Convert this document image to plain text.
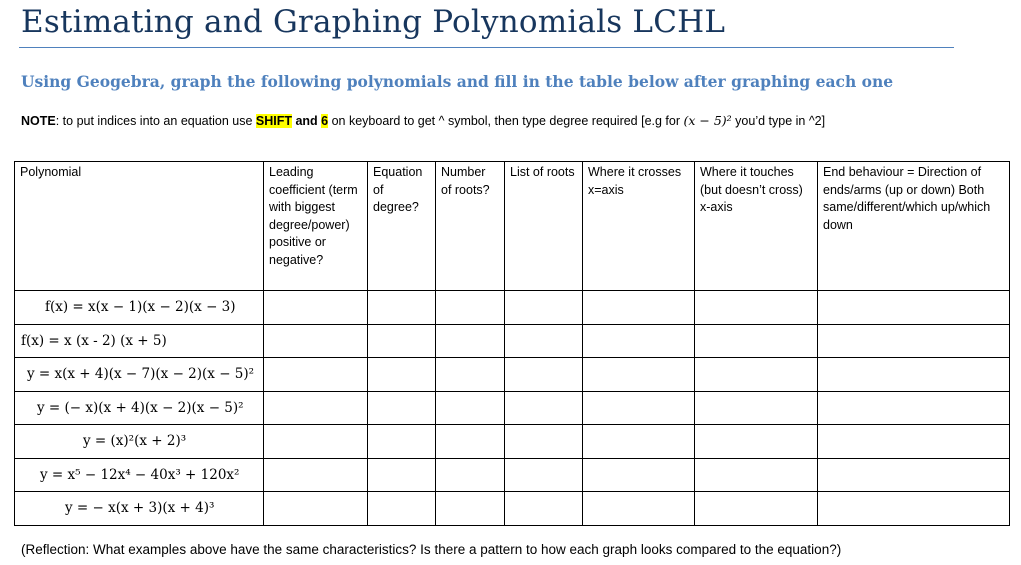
Estimating and Graphing Polynomials LCHL
Using Geogebra, graph the following polynomials and fill in the table below after graphing each one
NOTE: to put indices into an equation use SHIFT and 6 on keyboard to get ^ symbol, then type degree required [e.g for (x − 5)² you’d type in ^2]
Polynomial	Leading coefficient (term with biggest degree/power) positive or negative?	Equation of degree?	Number of roots?	List of roots	Where it crosses x=axis	Where it touches (but doesn’t cross) x-axis	End behaviour = Direction of ends/arms (up or down) Both same/different/which up/which down

f(x) = x(x − 1)(x − 2)(x − 3)							

f(x) = x (x - 2) (x + 5)							

y = x(x + 4)(x − 7)(x − 2)(x − 5)²							

y = (− x)(x + 4)(x − 2)(x − 5)²							

y = (x)²(x + 2)³							

y = x⁵ − 12x⁴ − 40x³ + 120x²							

y = − x(x + 3)(x + 4)³							

(Reflection: What examples above have the same characteristics? Is there a pattern to how each graph looks compared to the equation?)
